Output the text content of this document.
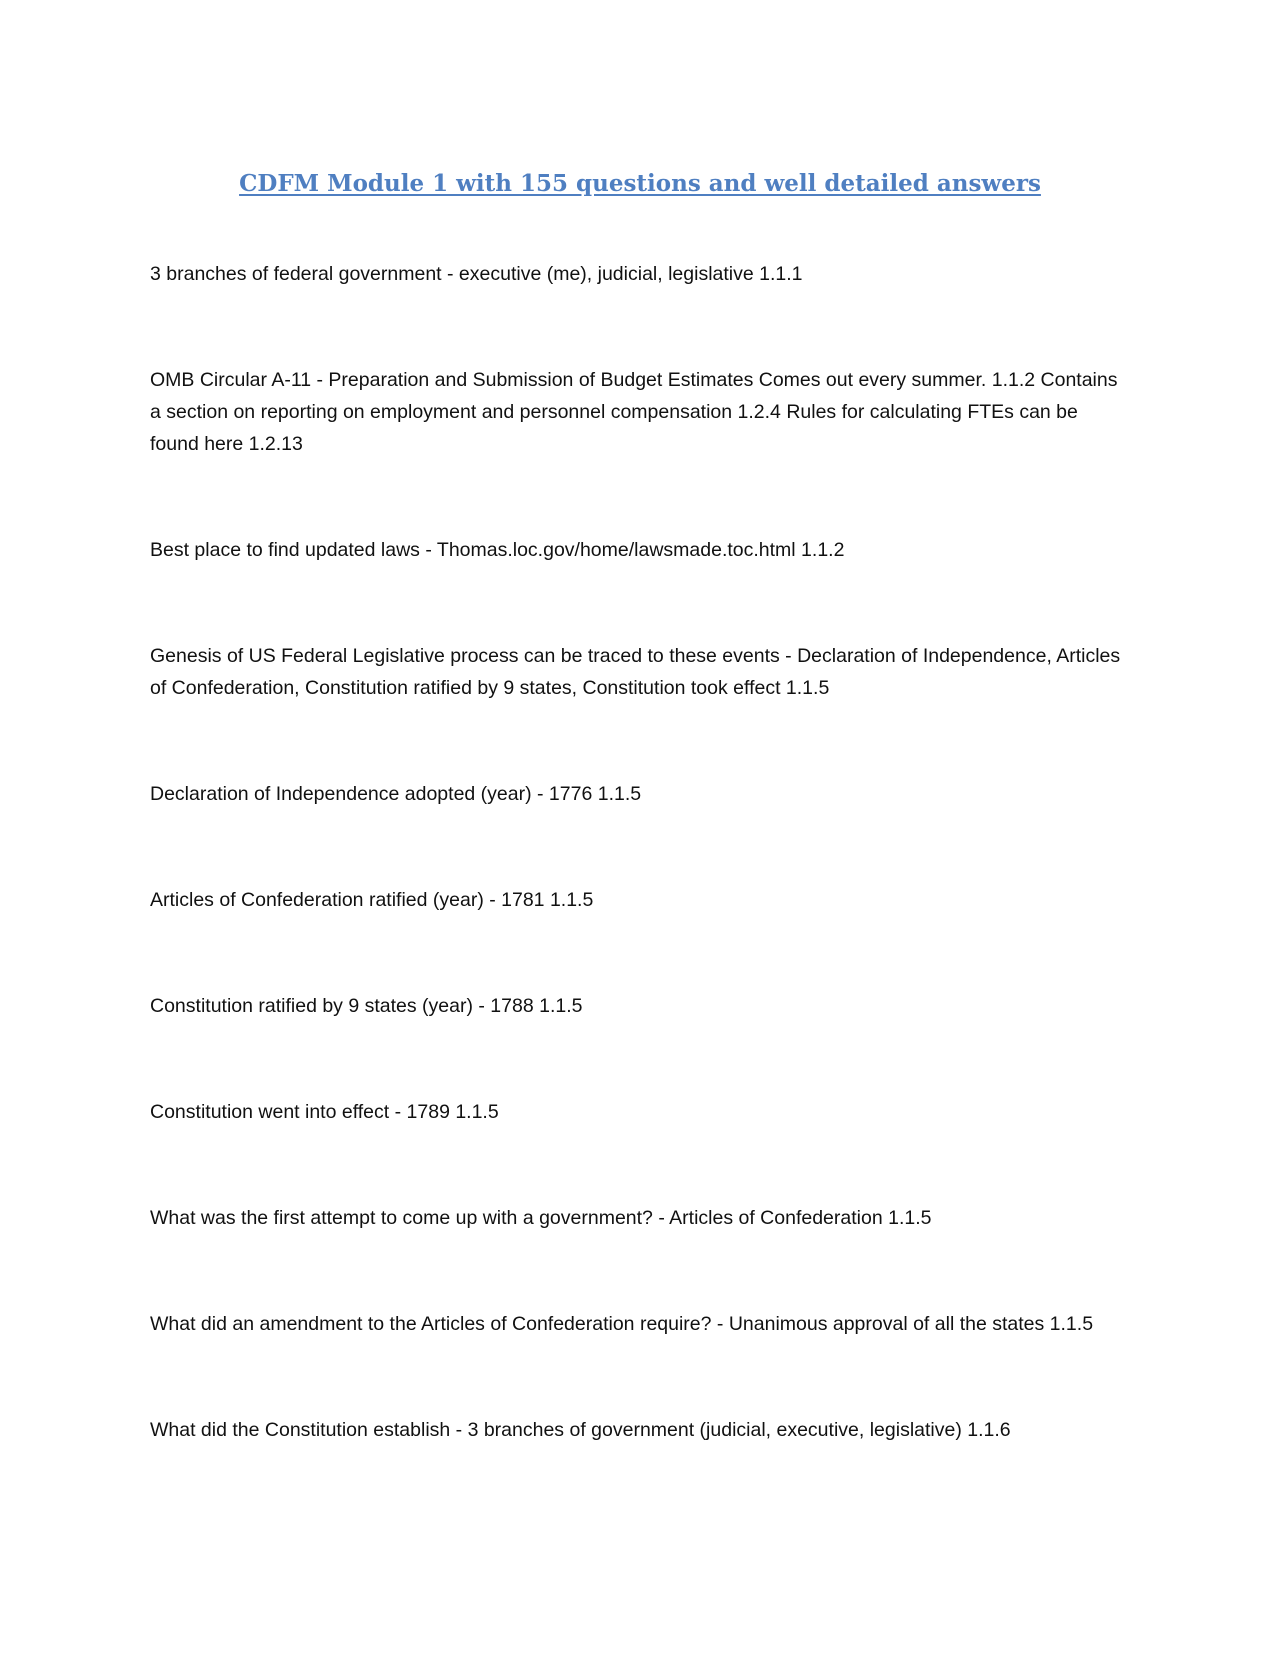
CDFM Module 1 with 155 questions and well detailed answers

3 branches of federal government - executive (me), judicial, legislative 1.1.1

OMB Circular A-11 - Preparation and Submission of Budget Estimates Comes out every summer. 1.1.2 Contains a section on reporting on employment and personnel compensation 1.2.4 Rules for calculating FTEs can be found here 1.2.13

Best place to find updated laws - Thomas.loc.gov/home/lawsmade.toc.html 1.1.2

Genesis of US Federal Legislative process can be traced to these events - Declaration of Independence, Articles of Confederation, Constitution ratified by 9 states, Constitution took effect 1.1.5

Declaration of Independence adopted (year) - 1776 1.1.5

Articles of Confederation ratified (year) - 1781 1.1.5

Constitution ratified by 9 states (year) - 1788 1.1.5

Constitution went into effect - 1789 1.1.5

What was the first attempt to come up with a government? - Articles of Confederation 1.1.5

What did an amendment to the Articles of Confederation require? - Unanimous approval of all the states 1.1.5

What did the Constitution establish - 3 branches of government (judicial, executive, legislative) 1.1.6
